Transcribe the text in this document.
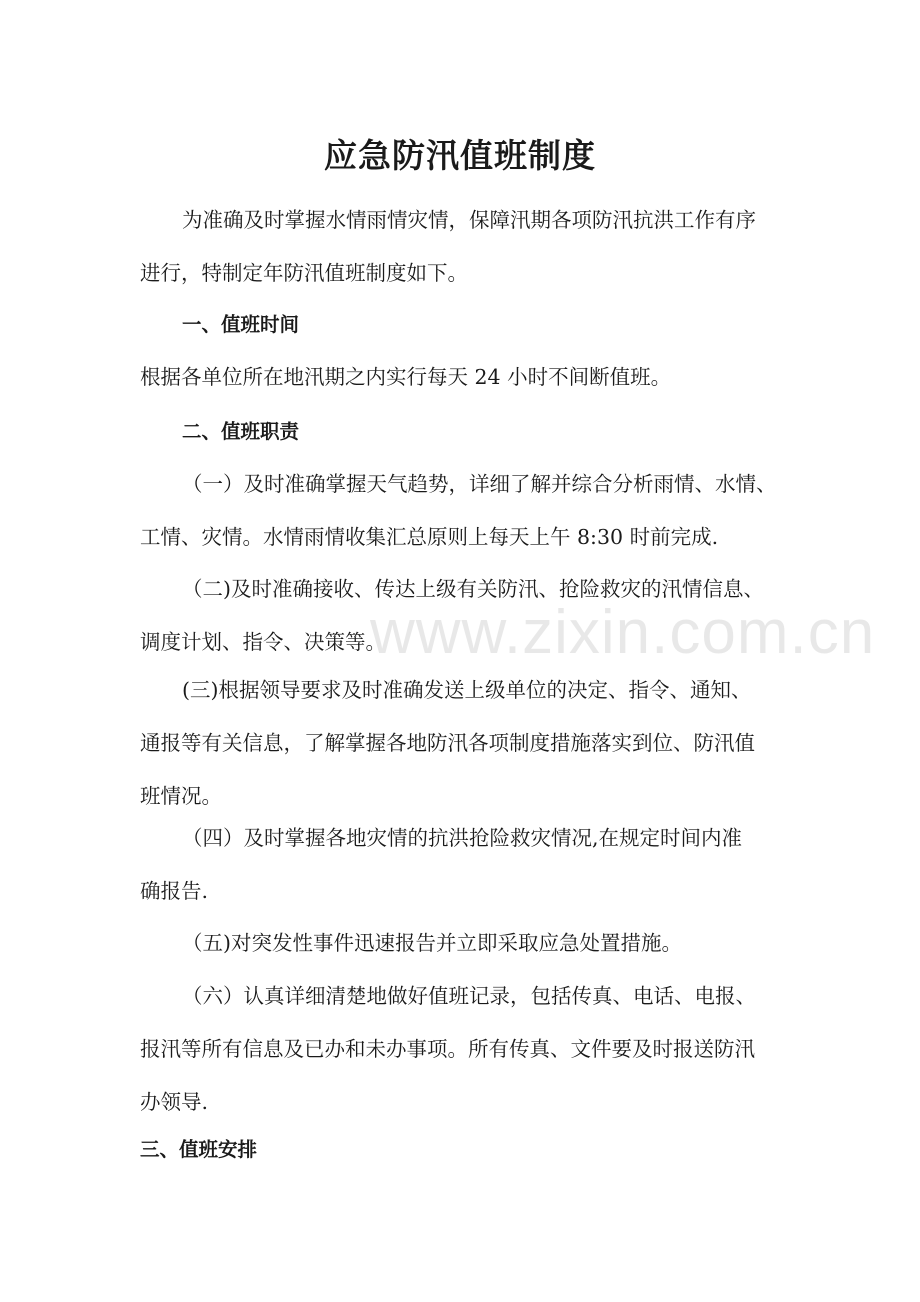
应急防汛值班制度
为准确及时掌握水情雨情灾情，保障汛期各项防汛抗洪工作有序
进行，特制定年防汛值班制度如下。
一、值班时间
根据各单位所在地汛期之内实行每天 24 小时不间断值班。
二、值班职责
（一）及时准确掌握天气趋势，详细了解并综合分析雨情、水情、
工情、灾情。水情雨情收集汇总原则上每天上午 8:30 时前完成.
（二)及时准确接收、传达上级有关防汛、抢险救灾的汛情信息、
调度计划、指令、决策等。
(三)根据领导要求及时准确发送上级单位的决定、指令、通知、
通报等有关信息，了解掌握各地防汛各项制度措施落实到位、防汛值
班情况。
（四）及时掌握各地灾情的抗洪抢险救灾情况,在规定时间内准
确报告.
（五)对突发性事件迅速报告并立即采取应急处置措施。
（六）认真详细清楚地做好值班记录，包括传真、电话、电报、
报汛等所有信息及已办和未办事项。所有传真、文件要及时报送防汛
办领导.
三、值班安排
www.zixin.com.cn
